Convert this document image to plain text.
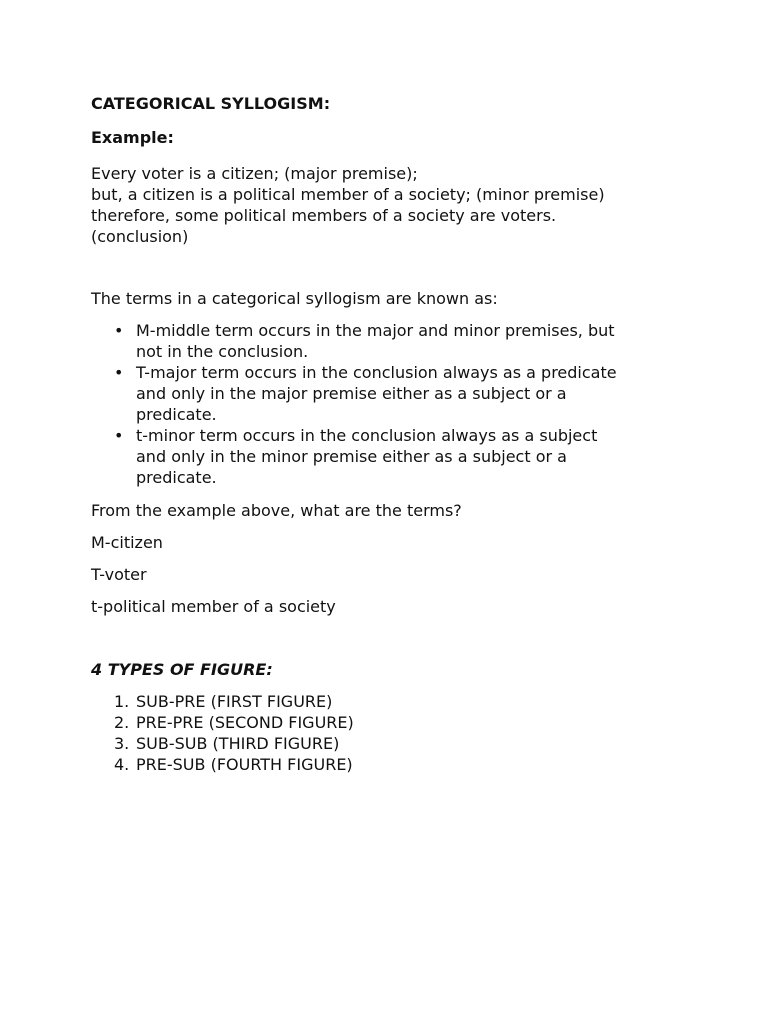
CATEGORICAL SYLLOGISM:

Example:

Every voter is a citizen; (major premise);
but, a citizen is a political member of a society; (minor premise)
therefore, some political members of a society are voters.
(conclusion)

The terms in a categorical syllogism are known as:

• M-middle term occurs in the major and minor premises, but
not in the conclusion.
• T-major term occurs in the conclusion always as a predicate
and only in the major premise either as a subject or a
predicate.
• t-minor term occurs in the conclusion always as a subject
and only in the minor premise either as a subject or a
predicate.

From the example above, what are the terms?

M-citizen

T-voter

t-political member of a society

4 TYPES OF FIGURE:

1. SUB-PRE (FIRST FIGURE)
2. PRE-PRE (SECOND FIGURE)
3. SUB-SUB (THIRD FIGURE)
4. PRE-SUB (FOURTH FIGURE)
